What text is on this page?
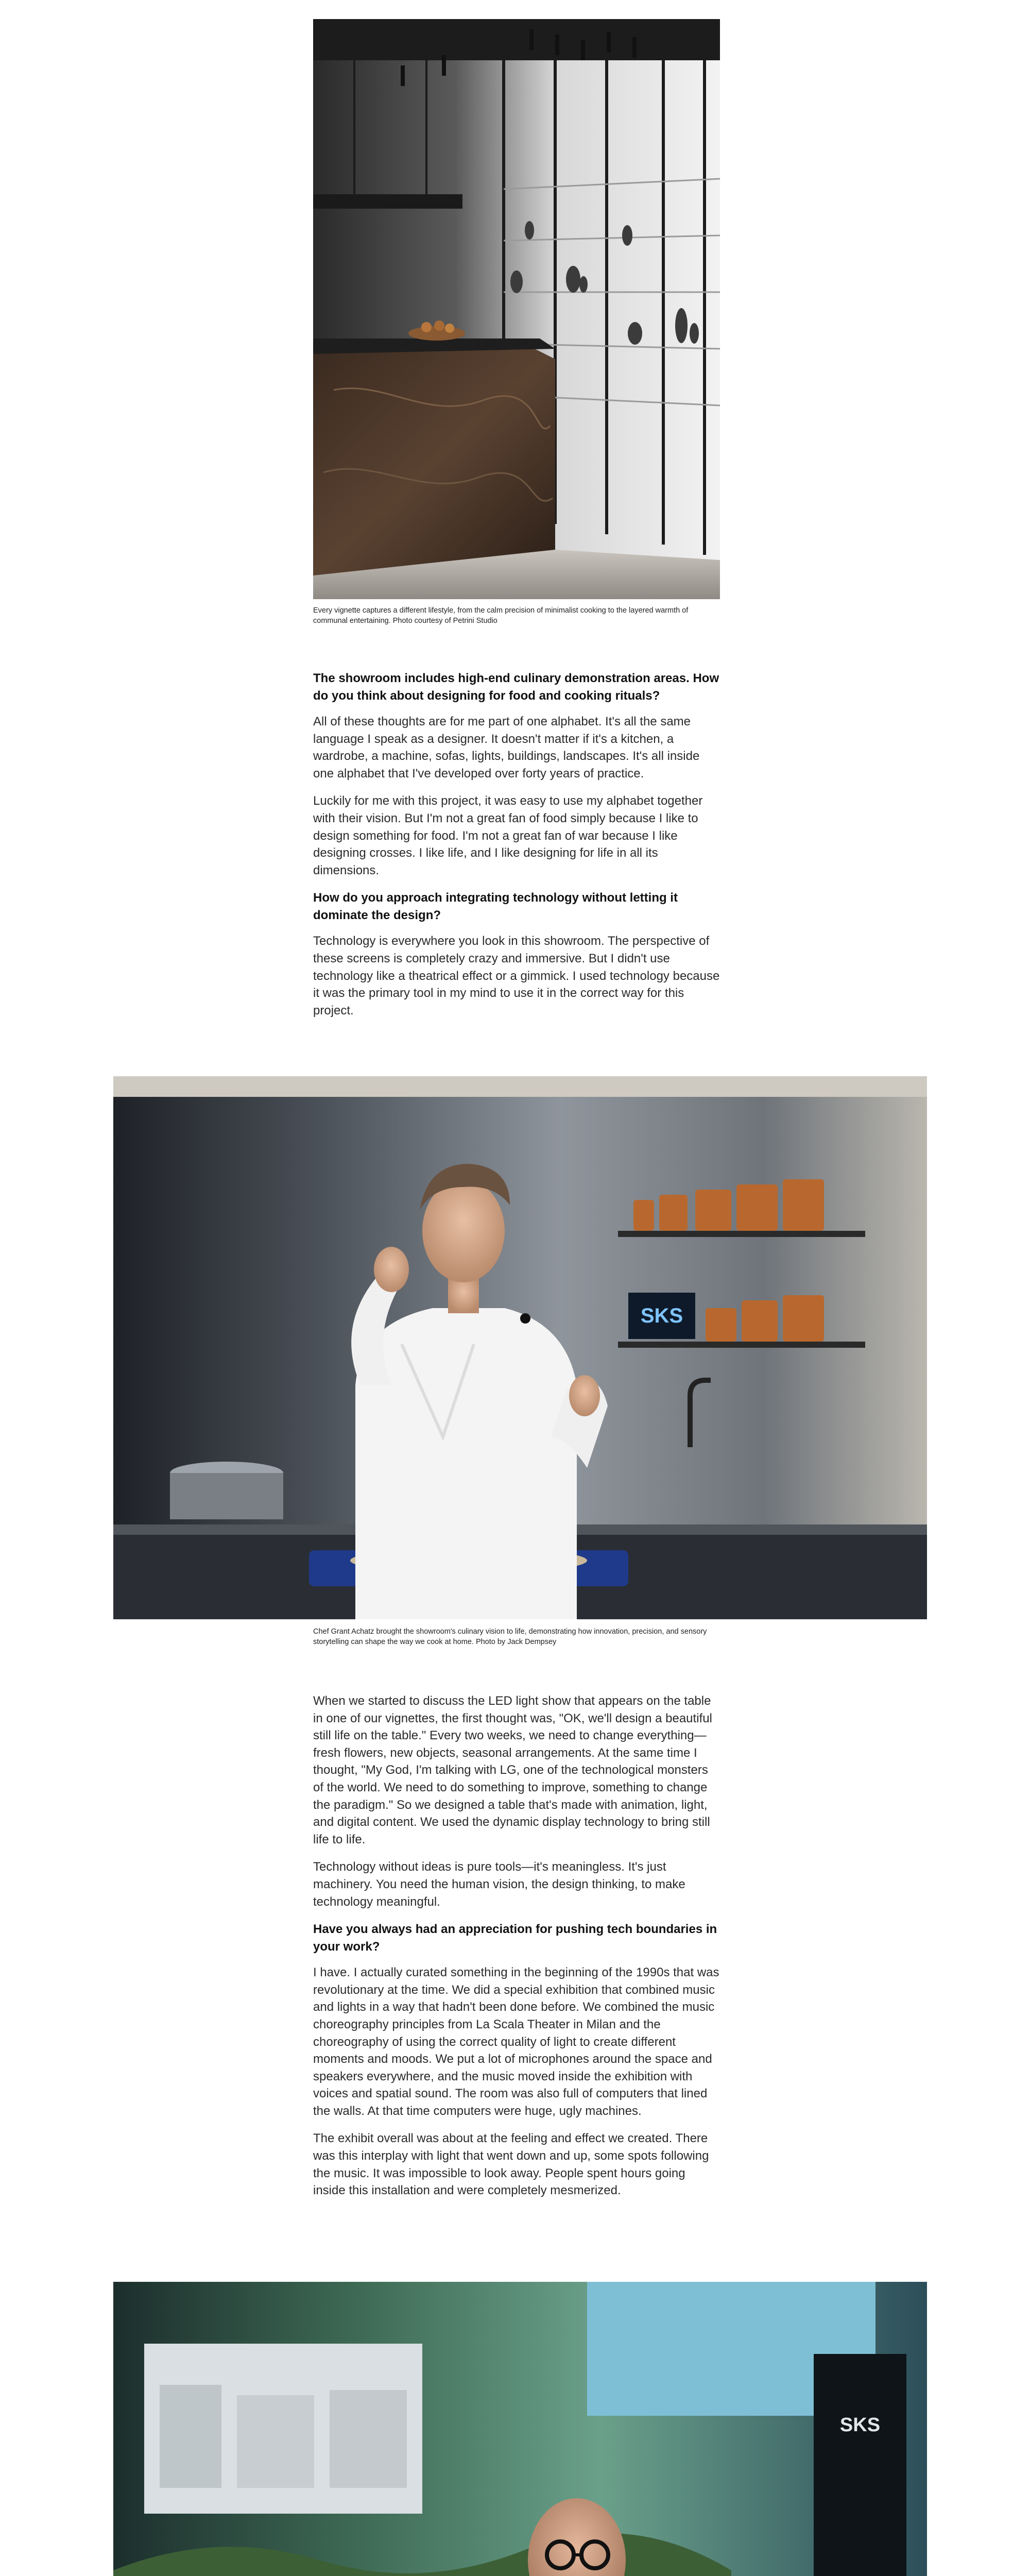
Every vignette captures a different lifestyle, from the calm precision of minimalist cooking to the layered warmth of communal entertaining. Photo courtesy of Petrini Studio
The showroom includes high-end culinary demonstration areas. How do you think about designing for food and cooking rituals?
All of these thoughts are for me part of one alphabet. It's all the same language I speak as a designer. It doesn't matter if it's a kitchen, a wardrobe, a machine, sofas, lights, buildings, landscapes. It's all inside one alphabet that I've developed over forty years of practice.
Luckily for me with this project, it was easy to use my alphabet together with their vision. But I'm not a great fan of food simply because I like to design something for food. I'm not a great fan of war because I like designing crosses. I like life, and I like designing for life in all its dimensions.
How do you approach integrating technology without letting it dominate the design?
Technology is everywhere you look in this showroom. The perspective of these screens is completely crazy and immersive. But I didn't use technology like a theatrical effect or a gimmick. I used technology because it was the primary tool in my mind to use it in the correct way for this project.
SKS
Chef Grant Achatz brought the showroom's culinary vision to life, demonstrating how innovation, precision, and sensory storytelling can shape the way we cook at home. Photo by Jack Dempsey
When we started to discuss the LED light show that appears on the table in one of our vignettes, the first thought was, "OK, we'll design a beautiful still life on the table." Every two weeks, we need to change everything—fresh flowers, new objects, seasonal arrangements. At the same time I thought, "My God, I'm talking with LG, one of the technological monsters of the world. We need to do something to improve, something to change the paradigm." So we designed a table that's made with animation, light, and digital content. We used the dynamic display technology to bring still life to life.
Technology without ideas is pure tools—it's meaningless. It's just machinery. You need the human vision, the design thinking, to make technology meaningful.
Have you always had an appreciation for pushing tech boundaries in your work?
I have. I actually curated something in the beginning of the 1990s that was revolutionary at the time. We did a special exhibition that combined music and lights in a way that hadn't been done before. We combined the music choreography principles from La Scala Theater in Milan and the choreography of using the correct quality of light to create different moments and moods. We put a lot of microphones around the space and speakers everywhere, and the music moved inside the exhibition with voices and spatial sound. The room was also full of computers that lined the walls. At that time computers were huge, ugly machines.
The exhibit overall was about at the feeling and effect we created. There was this interplay with light that went down and up, some spots following the music. It was impossible to look away. People spent hours going inside this installation and were completely mesmerized.
SKS
